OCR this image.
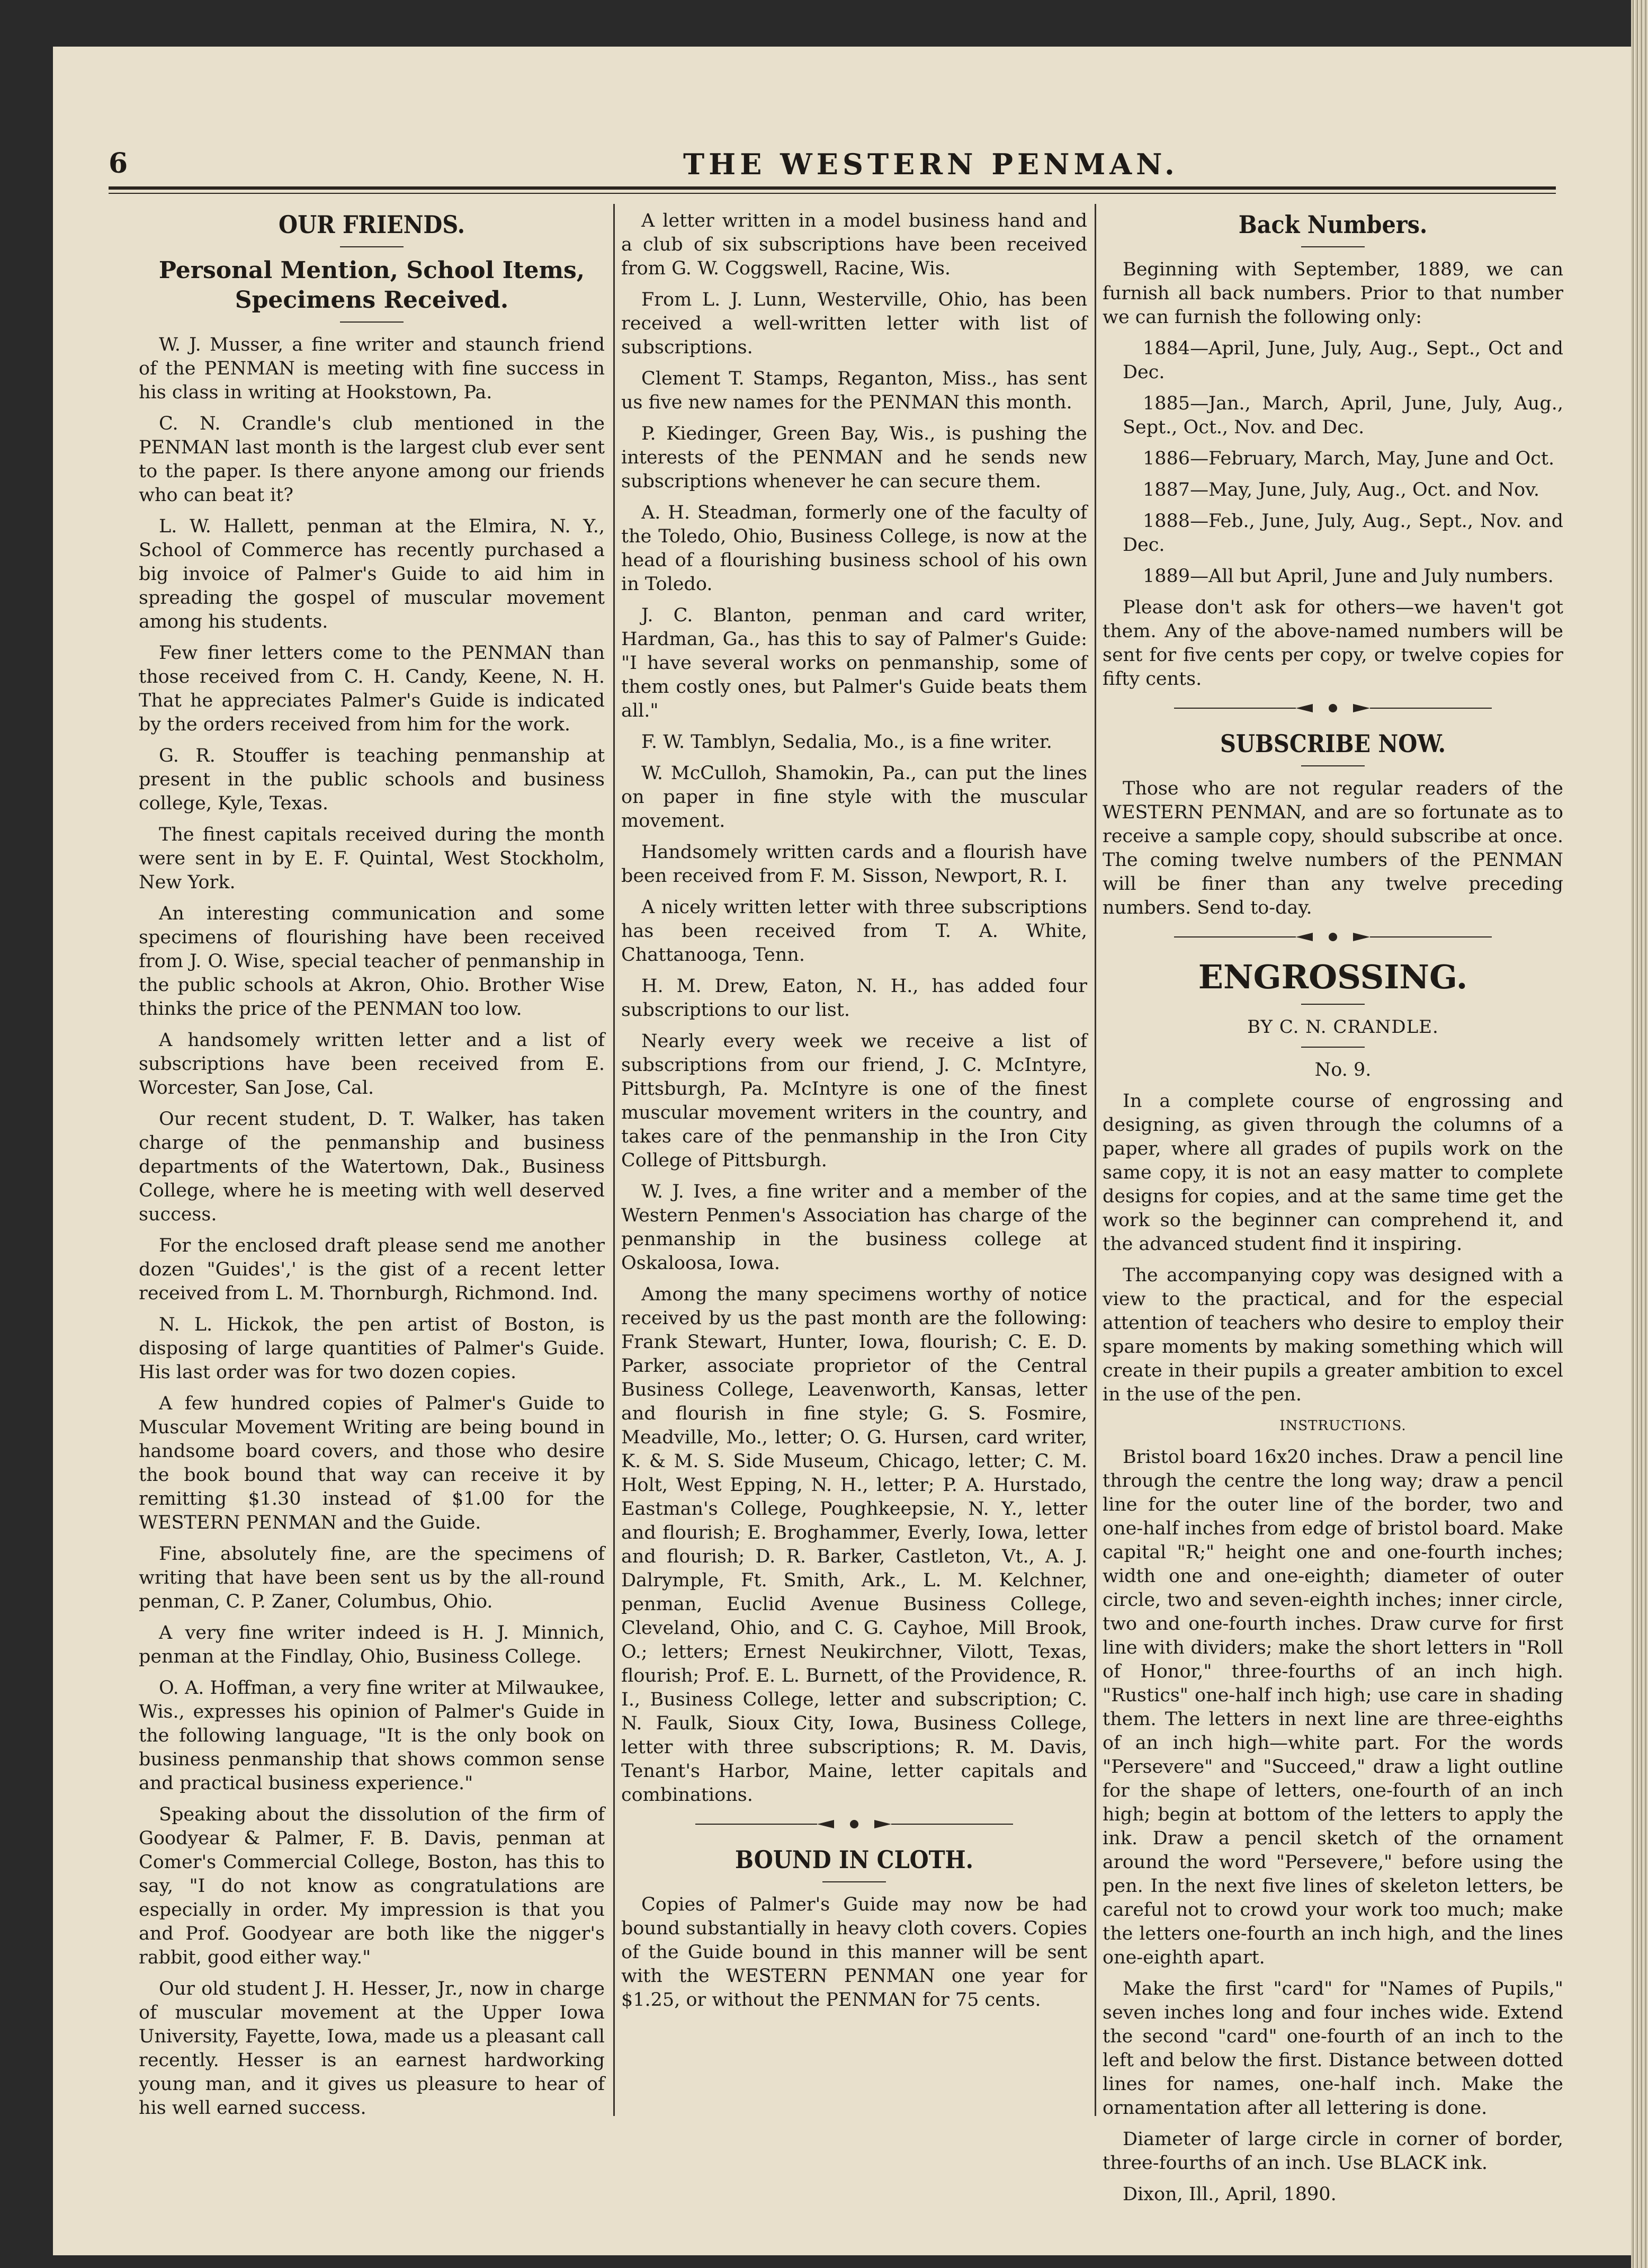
6	THE WESTERN PENMAN.
OUR FRIENDS.
Personal Mention, School Items, Specimens Received.

W. J. Musser, a fine writer and staunch friend of the PENMAN is meeting with fine success in his class in writing at Hookstown, Pa.

C. N. Crandle's club mentioned in the PENMAN last month is the largest club ever sent to the paper. Is there anyone among our friends who can beat it?

L. W. Hallett, penman at the Elmira, N. Y., School of Commerce has recently purchased a big invoice of Palmer's Guide to aid him in spreading the gospel of muscular movement among his students.

Few finer letters come to the PENMAN than those received from C. H. Candy, Keene, N. H. That he appreciates Palmer's Guide is indicated by the orders received from him for the work.

G. R. Stouffer is teaching penmanship at present in the public schools and business college, Kyle, Texas.

The finest capitals received during the month were sent in by E. F. Quintal, West Stockholm, New York.

An interesting communication and some specimens of flourishing have been received from J. O. Wise, special teacher of penmanship in the public schools at Akron, Ohio. Brother Wise thinks the price of the PENMAN too low.

A handsomely written letter and a list of subscriptions have been received from E. Worcester, San Jose, Cal.

Our recent student, D. T. Walker, has taken charge of the penmanship and business departments of the Watertown, Dak., Business College, where he is meeting with well deserved success.

For the enclosed draft please send me another dozen "Guides',' is the gist of a recent letter received from L. M. Thornburgh, Richmond. Ind.

N. L. Hickok, the pen artist of Boston, is disposing of large quantities of Palmer's Guide. His last order was for two dozen copies.

A few hundred copies of Palmer's Guide to Muscular Movement Writing are being bound in handsome board covers, and those who desire the book bound that way can receive it by remitting $1.30 instead of $1.00 for the WESTERN PENMAN and the Guide.

Fine, absolutely fine, are the specimens of writing that have been sent us by the all-round penman, C. P. Zaner, Columbus, Ohio.

A very fine writer indeed is H. J. Minnich, penman at the Findlay, Ohio, Business College.

O. A. Hoffman, a very fine writer at Milwaukee, Wis., expresses his opinion of Palmer's Guide in the following language, "It is the only book on business penmanship that shows common sense and practical business experience."

Speaking about the dissolution of the firm of Goodyear & Palmer, F. B. Davis, penman at Comer's Commercial College, Boston, has this to say, "I do not know as congratulations are especially in order. My impression is that you and Prof. Goodyear are both like the nigger's rabbit, good either way."

Our old student J. H. Hesser, Jr., now in charge of muscular movement at the Upper Iowa University, Fayette, Iowa, made us a pleasant call recently. Hesser is an earnest hardworking young man, and it gives us pleasure to hear of his well earned success.

A letter written in a model business hand and a club of six subscriptions have been received from G. W. Coggswell, Racine, Wis.

From L. J. Lunn, Westerville, Ohio, has been received a well-written letter with list of subscriptions.

Clement T. Stamps, Reganton, Miss., has sent us five new names for the PENMAN this month.

P. Kiedinger, Green Bay, Wis., is pushing the interests of the PENMAN and he sends new subscriptions whenever he can secure them.

A. H. Steadman, formerly one of the faculty of the Toledo, Ohio, Business College, is now at the head of a flourishing business school of his own in Toledo.

J. C. Blanton, penman and card writer, Hardman, Ga., has this to say of Palmer's Guide: "I have several works on penmanship, some of them costly ones, but Palmer's Guide beats them all."

F. W. Tamblyn, Sedalia, Mo., is a fine writer.

W. McCulloh, Shamokin, Pa., can put the lines on paper in fine style with the muscular movement.

Handsomely written cards and a flourish have been received from F. M. Sisson, Newport, R. I.

A nicely written letter with three subscriptions has been received from T. A. White, Chattanooga, Tenn.

H. M. Drew, Eaton, N. H., has added four subscriptions to our list.

Nearly every week we receive a list of subscriptions from our friend, J. C. McIntyre, Pittsburgh, Pa. McIntyre is one of the finest muscular movement writers in the country, and takes care of the penmanship in the Iron City College of Pittsburgh.

W. J. Ives, a fine writer and a member of the Western Penmen's Association has charge of the penmanship in the business college at Oskaloosa, Iowa.

Among the many specimens worthy of notice received by us the past month are the following: Frank Stewart, Hunter, Iowa, flourish; C. E. D. Parker, associate proprietor of the Central Business College, Leavenworth, Kansas, letter and flourish in fine style; G. S. Fosmire, Meadville, Mo., letter; O. G. Hursen, card writer, K. & M. S. Side Museum, Chicago, letter; C. M. Holt, West Epping, N. H., letter; P. A. Hurstado, Eastman's College, Poughkeepsie, N. Y., letter and flourish; E. Broghammer, Everly, Iowa, letter and flourish; D. R. Barker, Castleton, Vt., A. J. Dalrymple, Ft. Smith, Ark., L. M. Kelchner, penman, Euclid Avenue Business College, Cleveland, Ohio, and C. G. Cayhoe, Mill Brook, O.; letters; Ernest Neukirchner, Vilott, Texas, flourish; Prof. E. L. Burnett, of the Providence, R. I., Business College, letter and subscription; C. N. Faulk, Sioux City, Iowa, Business College, letter with three subscriptions; R. M. Davis, Tenant's Harbor, Maine, letter capitals and combinations.

BOUND IN CLOTH.

Copies of Palmer's Guide may now be had bound substantially in heavy cloth covers. Copies of the Guide bound in this manner will be sent with the WESTERN PENMAN one year for $1.25, or without the PENMAN for 75 cents.

Back Numbers.

Beginning with September, 1889, we can furnish all back numbers. Prior to that number we can furnish the following only:

1884—April, June, July, Aug., Sept., Oct and Dec.

1885—Jan., March, April, June, July, Aug., Sept., Oct., Nov. and Dec.

1886—February, March, May, June and Oct.

1887—May, June, July, Aug., Oct. and Nov.

1888—Feb., June, July, Aug., Sept., Nov. and Dec.

1889—All but April, June and July numbers.

Please don't ask for others—we haven't got them. Any of the above-named numbers will be sent for five cents per copy, or twelve copies for fifty cents.

SUBSCRIBE NOW.

Those who are not regular readers of the WESTERN PENMAN, and are so fortunate as to receive a sample copy, should subscribe at once. The coming twelve numbers of the PENMAN will be finer than any twelve preceding numbers. Send to-day.

ENGROSSING.

BY C. N. CRANDLE.

No. 9.

In a complete course of engrossing and designing, as given through the columns of a paper, where all grades of pupils work on the same copy, it is not an easy matter to complete designs for copies, and at the same time get the work so the beginner can comprehend it, and the advanced student find it inspiring.

The accompanying copy was designed with a view to the practical, and for the especial attention of teachers who desire to employ their spare moments by making something which will create in their pupils a greater ambition to excel in the use of the pen.

INSTRUCTIONS.

Bristol board 16x20 inches. Draw a pencil line through the centre the long way; draw a pencil line for the outer line of the border, two and one-half inches from edge of bristol board. Make capital "R;" height one and one-fourth inches; width one and one-eighth; diameter of outer circle, two and seven-eighth inches; inner circle, two and one-fourth inches. Draw curve for first line with dividers; make the short letters in "Roll of Honor," three-fourths of an inch high. "Rustics" one-half inch high; use care in shading them. The letters in next line are three-eighths of an inch high—white part. For the words "Persevere" and "Succeed," draw a light outline for the shape of letters, one-fourth of an inch high; begin at bottom of the letters to apply the ink. Draw a pencil sketch of the ornament around the word "Persevere," before using the pen. In the next five lines of skeleton letters, be careful not to crowd your work too much; make the letters one-fourth an inch high, and the lines one-eighth apart.

Make the first "card" for "Names of Pupils," seven inches long and four inches wide. Extend the second "card" one-fourth of an inch to the left and below the first. Distance between dotted lines for names, one-half inch. Make the ornamentation after all lettering is done.

Diameter of large circle in corner of border, three-fourths of an inch. Use BLACK ink.

Dixon, Ill., April, 1890.
